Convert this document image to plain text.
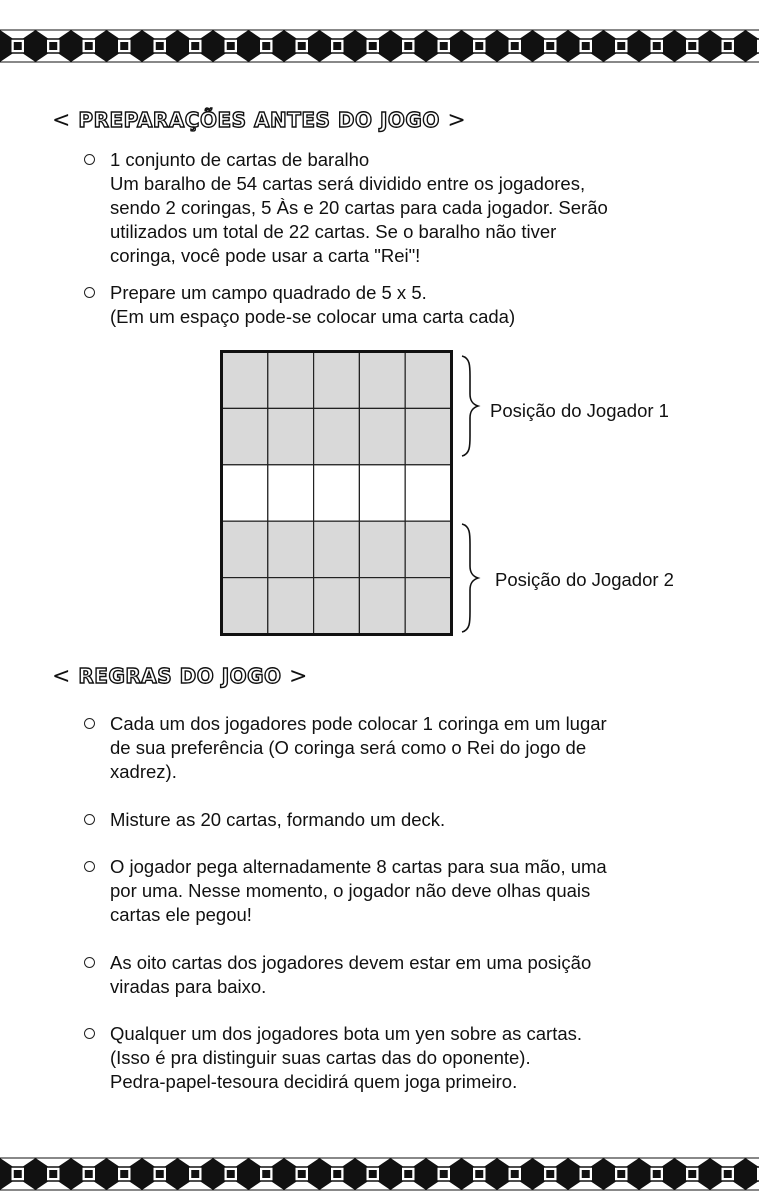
< PREPARAÇÕES ANTES DO JOGO >
< REGRAS DO JOGO >
1 conjunto de cartas de baralho
Um baralho de 54 cartas será dividido entre os jogadores,
sendo 2 coringas, 5 Às e 20 cartas para cada jogador. Serão
utilizados um total de 22 cartas. Se o baralho não tiver
coringa, você pode usar a carta "Rei"!
Prepare um campo quadrado de 5 x 5.
(Em um espaço pode-se colocar uma carta cada)
Posição do Jogador 1
Posição do Jogador 2
Cada um dos jogadores pode colocar 1 coringa em um lugar
de sua preferência (O coringa será como o Rei do jogo de
xadrez).
Misture as 20 cartas, formando um deck.
O jogador pega alternadamente 8 cartas para sua mão, uma
por uma. Nesse momento, o jogador não deve olhas quais
cartas ele pegou!
As oito cartas dos jogadores devem estar em uma posição
viradas para baixo.
Qualquer um dos jogadores bota um yen sobre as cartas.
(Isso é pra distinguir suas cartas das do oponente).
Pedra-papel-tesoura decidirá quem joga primeiro.
